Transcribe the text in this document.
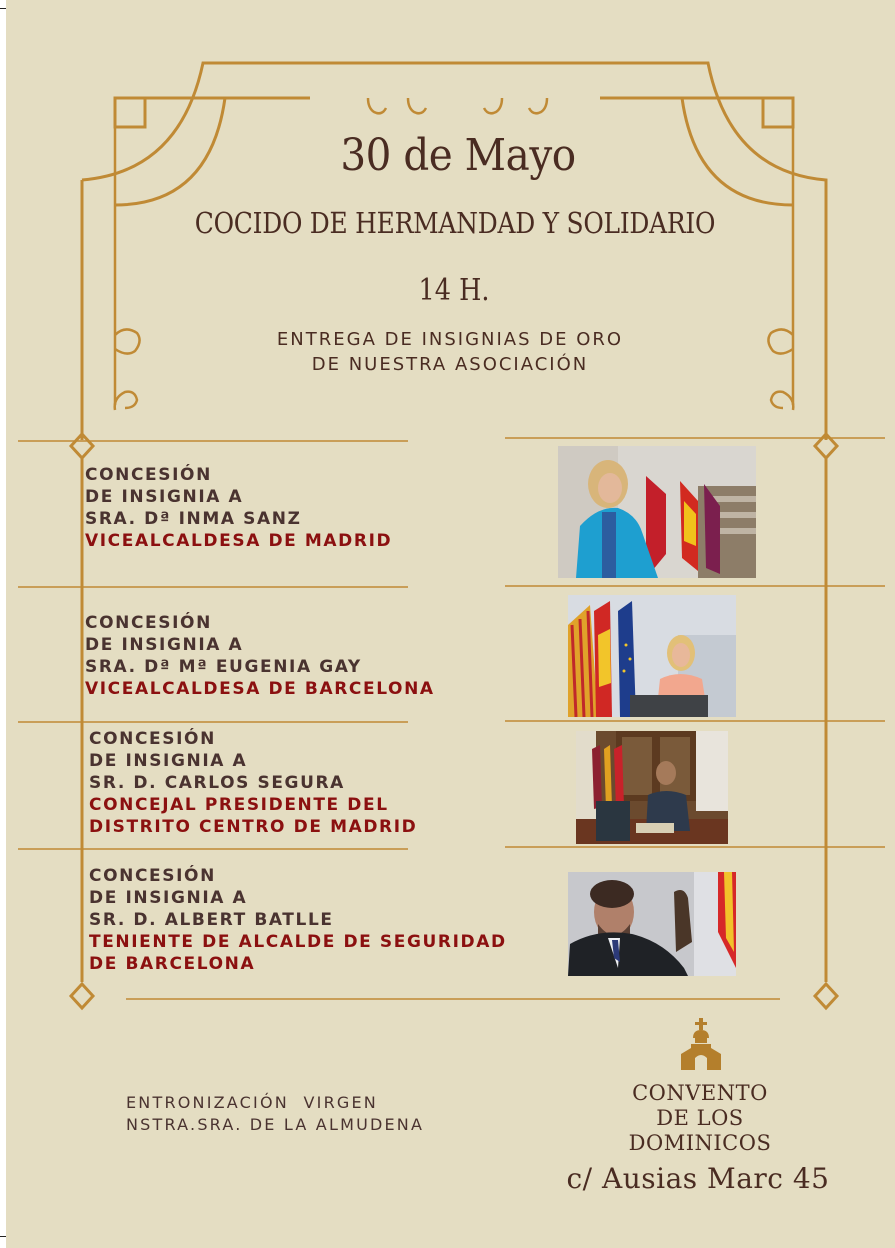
30 de Mayo
COCIDO DE HERMANDAD Y SOLIDARIO
14 H.
ENTREGA DE INSIGNIAS DE ORO
DE NUESTRA ASOCIACIÓN
CONCESIÓN
DE INSIGNIA A
SRA. Dª INMA SANZ
VICEALCALDESA DE MADRID
CONCESIÓN
DE INSIGNIA A
SRA. Dª Mª EUGENIA GAY
VICEALCALDESA DE BARCELONA
CONCESIÓN
DE INSIGNIA A
SR. D. CARLOS SEGURA
CONCEJAL PRESIDENTE DEL
DISTRITO CENTRO DE MADRID
CONCESIÓN
DE INSIGNIA A
SR. D. ALBERT BATLLE
TENIENTE DE ALCALDE DE SEGURIDAD
DE BARCELONA
ENTRONIZACIÓN  VIRGEN
NSTRA.SRA. DE LA ALMUDENA
CONVENTO
DE LOS
DOMINICOS
c/ Ausias Marc 45
